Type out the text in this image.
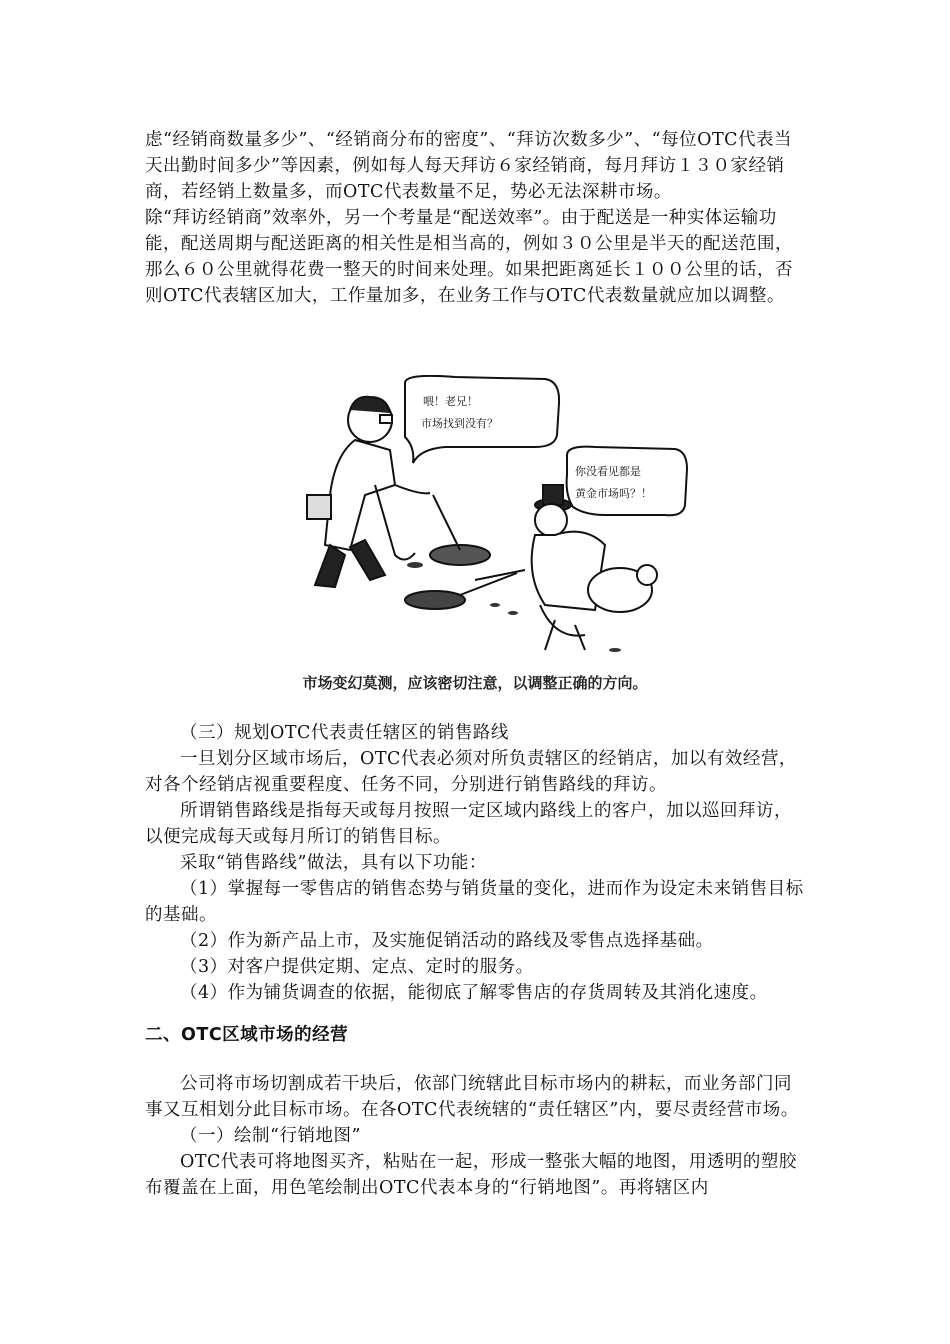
虑“经销商数量多少”、“经销商分布的密度”、“拜访次数多少”、“每位OTC代表当天出勤时间多少”等因素，例如每人每天拜访６家经销商，每月拜访１３０家经销商，若经销上数量多，而OTC代表数量不足，势必无法深耕市场。

除“拜访经销商”效率外，另一个考量是“配送效率”。由于配送是一种实体运输功能，配送周期与配送距离的相关性是相当高的，例如３０公里是半天的配送范围，那么６０公里就得花费一整天的时间来处理。如果把距离延长１００公里的话，否则OTC代表辖区加大，工作量加多，在业务工作与OTC代表数量就应加以调整。

喂！老兄！
市场找到没有？
你没看见都是
黄金市场吗？！
市场变幻莫测，应该密切注意，以调整正确的方向。

（三）规划OTC代表责任辖区的销售路线

一旦划分区域市场后，OTC代表必须对所负责辖区的经销店，加以有效经营，对各个经销店视重要程度、任务不同，分别进行销售路线的拜访。

所谓销售路线是指每天或每月按照一定区域内路线上的客户，加以巡回拜访，以便完成每天或每月所订的销售目标。

采取“销售路线”做法，具有以下功能：

（1）掌握每一零售店的销售态势与销货量的变化，进而作为设定未来销售目标的基础。

（2）作为新产品上市，及实施促销活动的路线及零售点选择基础。

（3）对客户提供定期、定点、定时的服务。

（4）作为铺货调查的依据，能彻底了解零售店的存货周转及其消化速度。

二、OTC区域市场的经营

公司将市场切割成若干块后，依部门统辖此目标市场内的耕耘，而业务部门同事又互相划分此目标市场。在各OTC代表统辖的“责任辖区”内，要尽责经营市场。

（一）绘制“行销地图”

OTC代表可将地图买齐，粘贴在一起，形成一整张大幅的地图，用透明的塑胶布覆盖在上面，用色笔绘制出OTC代表本身的“行销地图”。再将辖区内
